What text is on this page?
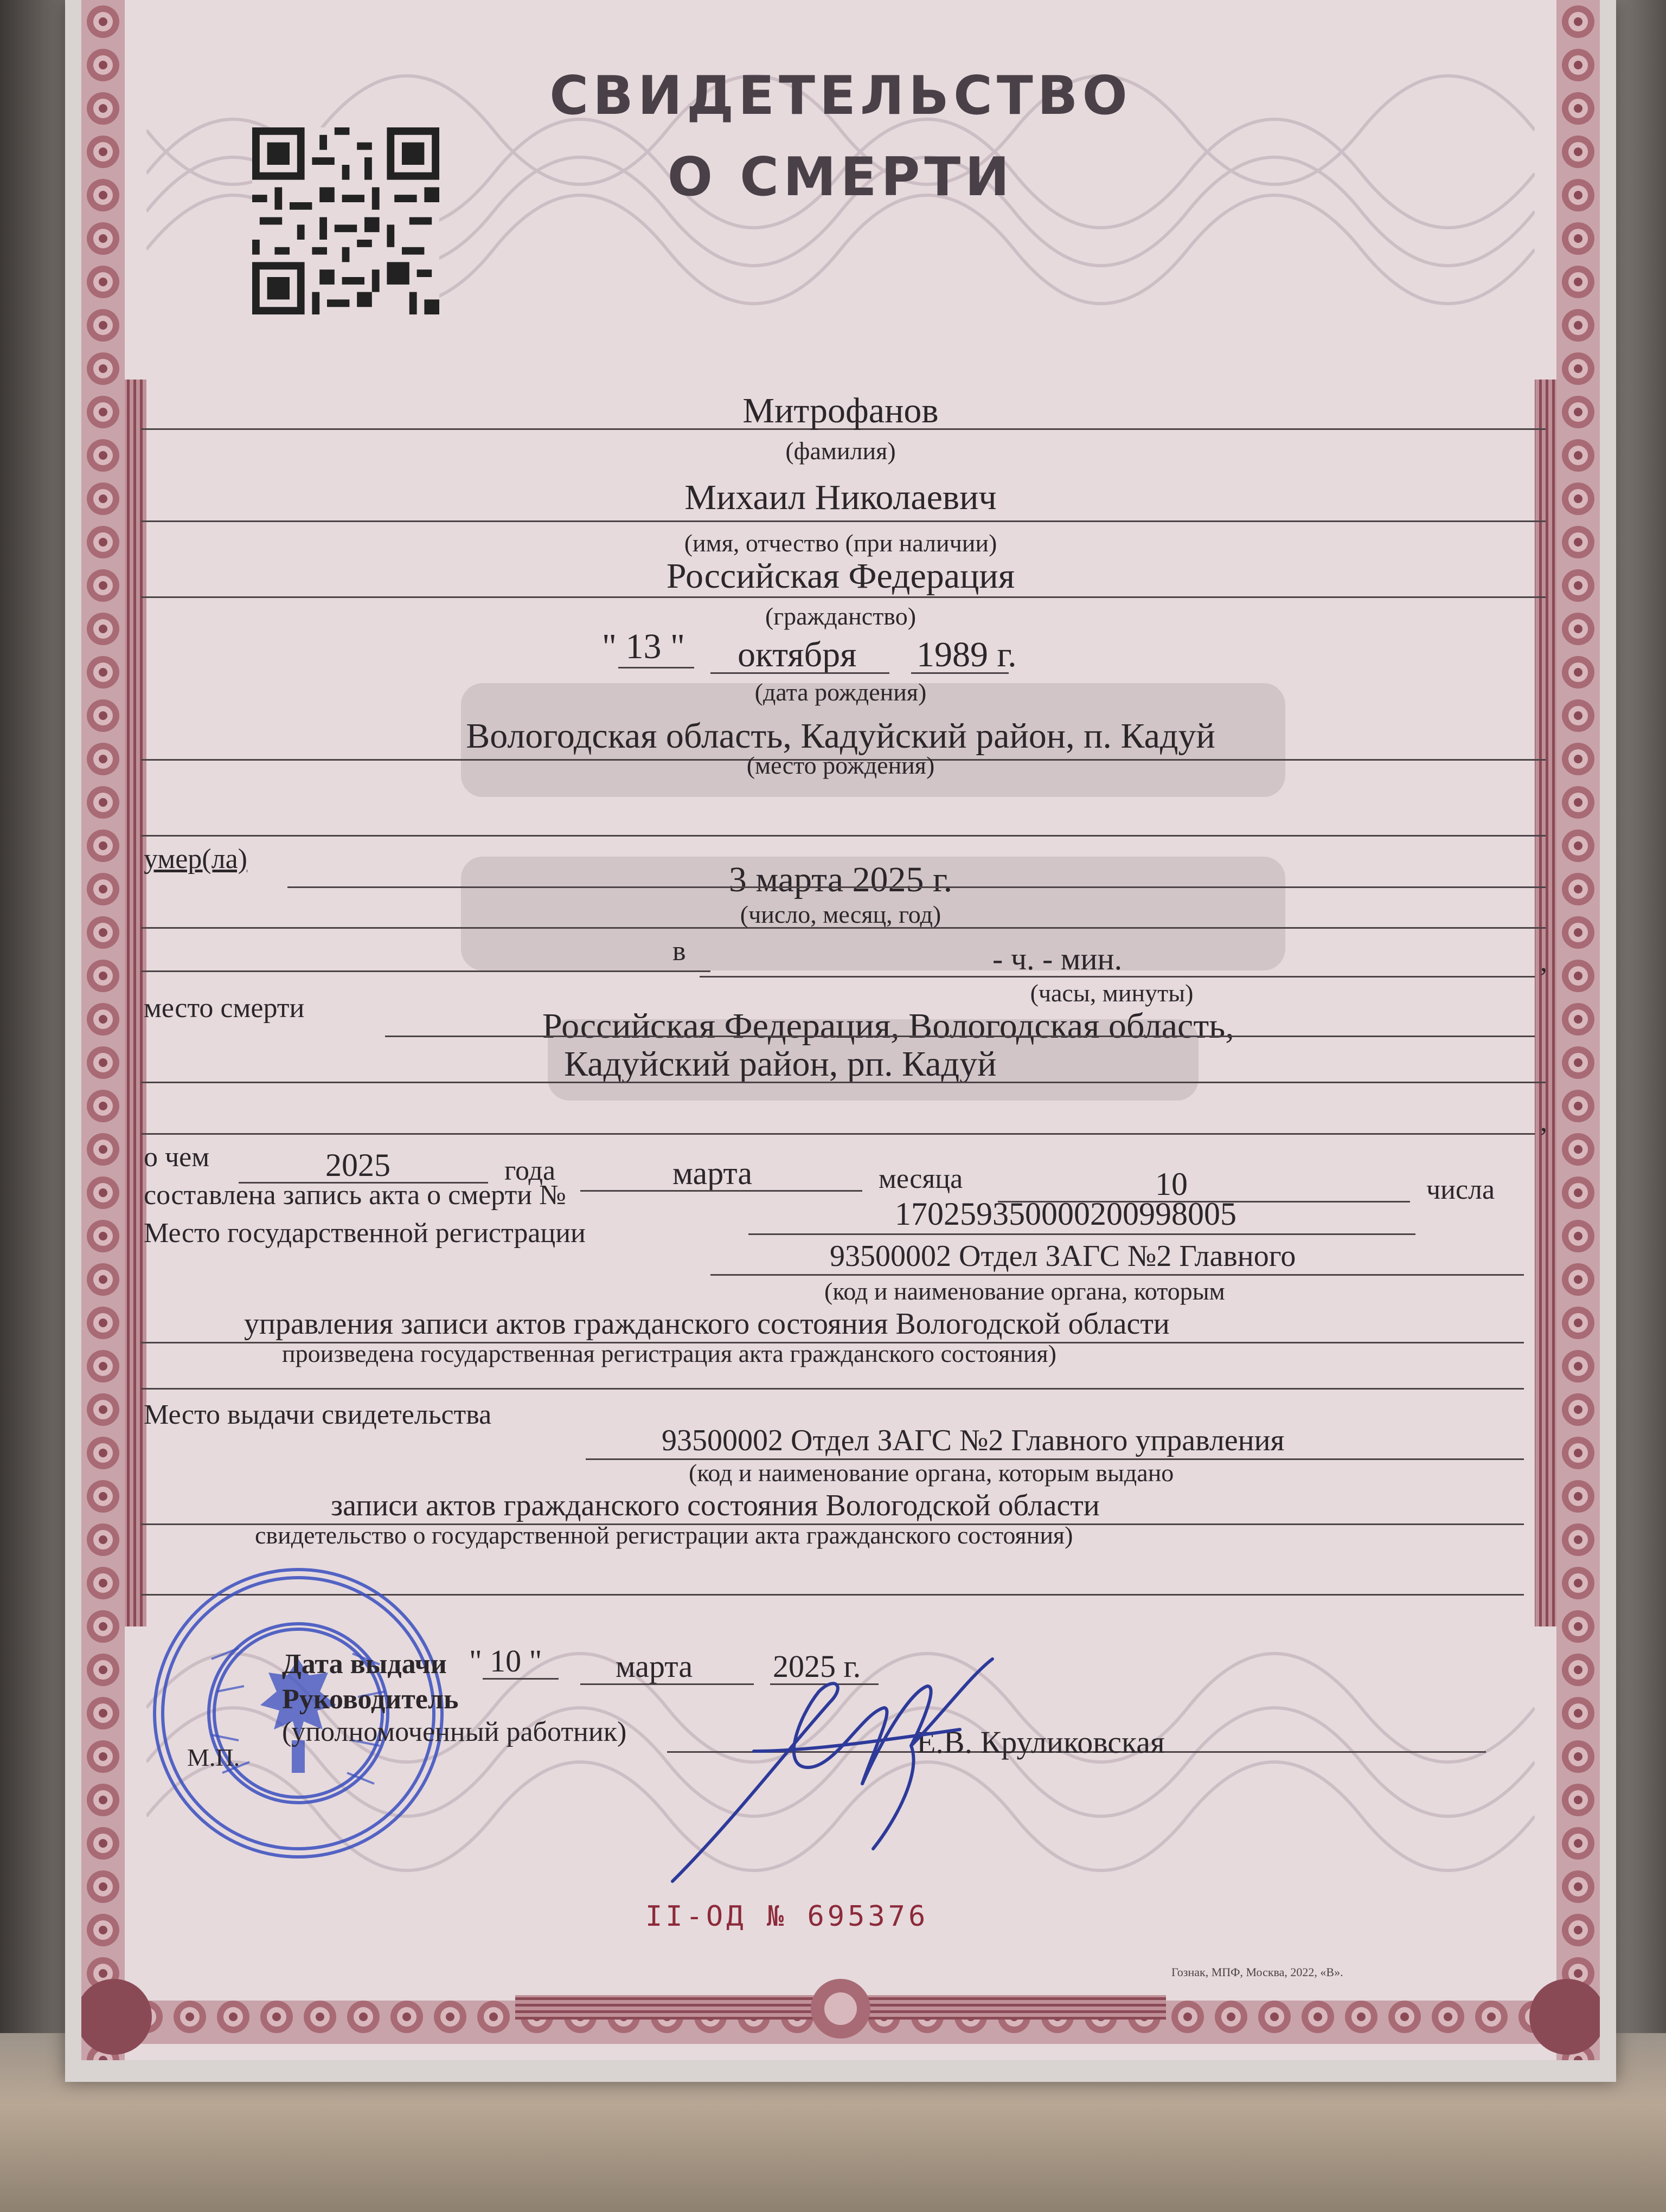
СВИДЕТЕЛЬСТВО
О СМЕРТИ
Митрофанов
(фамилия)
Михаил Николаевич
(имя, отчество (при наличии)
Российская Федерация
(гражданство)
" 13 " октября 1989 г.
(дата рождения)
Вологодская область, Кадуйский район, п. Кадуй
(место рождения)
умер(ла)
3 марта 2025 г.
(число, месяц, год)
в	- ч. - мин.	,
(часы, минуты)
место смерти	Российская Федерация, Вологодская область,
Кадуйский район, рп. Кадуй
,
о чем	2025	года	марта	месяца	10	числа
составлена запись акта о смерти №
170259350000200998005
Место государственной регистрации
93500002 Отдел ЗАГС №2 Главного
(код и наименование органа, которым
управления записи актов гражданского состояния Вологодской области
произведена государственная регистрация акта гражданского состояния)
Место выдачи свидетельства
93500002 Отдел ЗАГС №2 Главного управления
(код и наименование органа, которым выдано
записи актов гражданского состояния Вологодской области
свидетельство о государственной регистрации акта гражданского состояния)
Дата выдачи " 10 " марта	2025 г.
Руководитель
(уполномоченный работник)	Е.В. Круликовская
М.П.
II-ОД № 695376
Гознак, МПФ, Москва, 2022, «В».
